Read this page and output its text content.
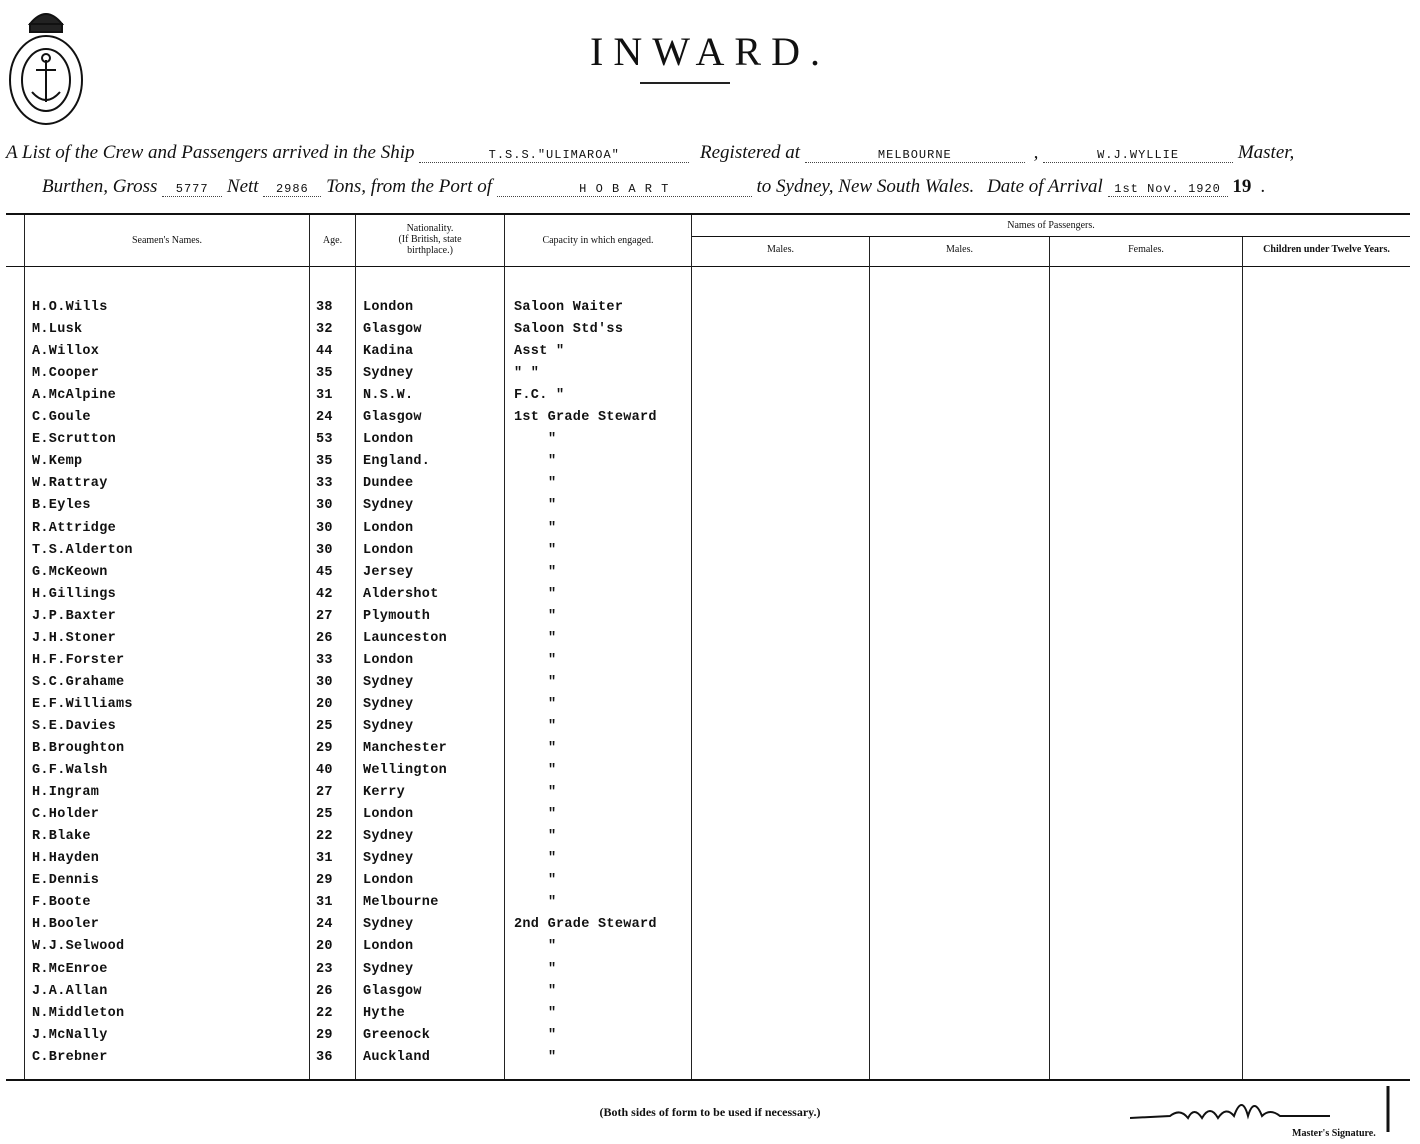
INWARD.
A List of the Crew and Passengers arrived in the Ship	T.S.S."ULIMAROA"	Registered at	MELBOURNE	,	W.J.WYLLIE	Master,
Burthen, Gross 5777 Nett 2986 Tons, from the Port of	H O B A R T	to Sydney, New South Wales. Date of Arrival 1st Nov. 1920 19  .
Seamen's Names.	Age.
Nationality.
(If British, state
birthplace.)
Capacity in which engaged.
Names of Passengers.
Males.	Males.	Females.	Children under Twelve Years.
H.O.Wills	38 London	Saloon Waiter
M.Lusk	32 Glasgow	Saloon Std'ss
A.Willox	44 Kadina	Asst "
M.Cooper	35 Sydney	" "
A.McAlpine	31 N.S.W.	F.C. "
C.Goule	24 Glasgow	1st Grade Steward
E.Scrutton	53 London	"
W.Kemp	35 England.	"
W.Rattray	33 Dundee	"
B.Eyles	30 Sydney	"
R.Attridge	30 London	"
T.S.Alderton	30 London	"
G.McKeown	45 Jersey	"
H.Gillings	42 Aldershot	"
J.P.Baxter	27 Plymouth	"
J.H.Stoner	26 Launceston	"
H.F.Forster	33 London	"
S.C.Grahame	30 Sydney	"
E.F.Williams	20 Sydney	"
S.E.Davies	25 Sydney	"
B.Broughton	29 Manchester	"
G.F.Walsh	40 Wellington	"
H.Ingram	27 Kerry	"
C.Holder	25 London	"
R.Blake	22 Sydney	"
H.Hayden	31 Sydney	"
E.Dennis	29 London	"
F.Boote	31 Melbourne	"
H.Booler	24 Sydney	2nd Grade Steward
W.J.Selwood	20 London	"
R.McEnroe	23 Sydney	"
J.A.Allan	26 Glasgow	"
N.Middleton	22 Hythe	"
J.McNally	29 Greenock	"
C.Brebner	36 Auckland	"
(Both sides of form to be used if necessary.)
Master's Signature.
